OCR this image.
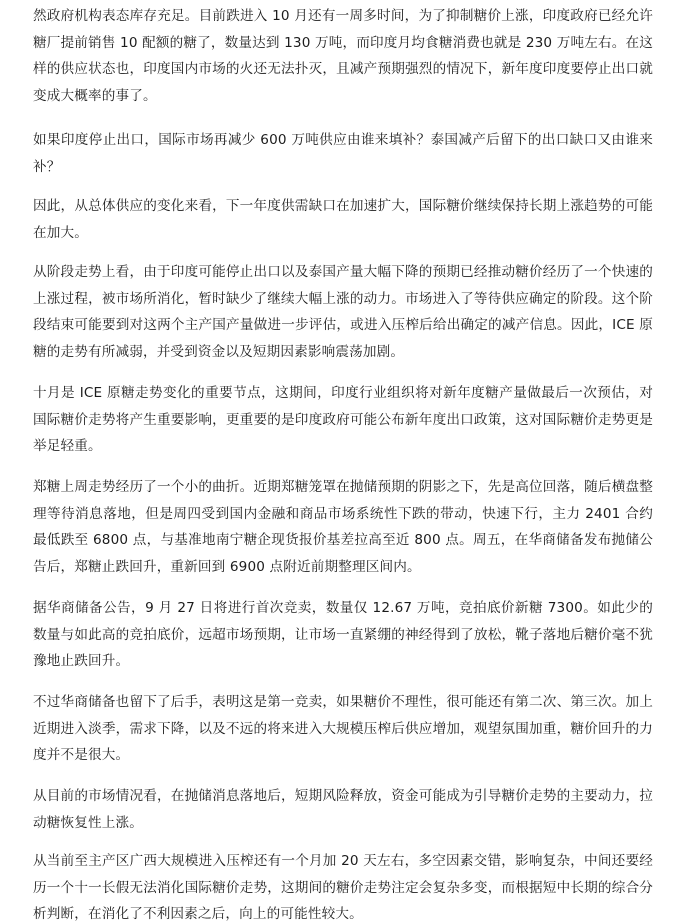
然政府机构表态库存充足。目前跌进入 10 月还有一周多时间，为了抑制糖价上涨，印度政府已经允许糖厂提前销售 10 配额的糖了，数量达到 130 万吨，而印度月均食糖消费也就是 230 万吨左右。在这样的供应状态也，印度国内市场的火还无法扑灭，且减产预期强烈的情况下，新年度印度要停止出口就变成大概率的事了。

如果印度停止出口，国际市场再减少 600 万吨供应由谁来填补？泰国减产后留下的出口缺口又由谁来补？

因此，从总体供应的变化来看，下一年度供需缺口在加速扩大，国际糖价继续保持长期上涨趋势的可能在加大。

从阶段走势上看，由于印度可能停止出口以及泰国产量大幅下降的预期已经推动糖价经历了一个快速的上涨过程，被市场所消化，暂时缺少了继续大幅上涨的动力。市场进入了等待供应确定的阶段。这个阶段结束可能要到对这两个主产国产量做进一步评估，或进入压榨后给出确定的减产信息。因此，ICE 原糖的走势有所减弱，并受到资金以及短期因素影响震荡加剧。

十月是 ICE 原糖走势变化的重要节点，这期间，印度行业组织将对新年度糖产量做最后一次预估，对国际糖价走势将产生重要影响，更重要的是印度政府可能公布新年度出口政策，这对国际糖价走势更是举足轻重。

郑糖上周走势经历了一个小的曲折。近期郑糖笼罩在抛储预期的阴影之下，先是高位回落，随后横盘整理等待消息落地，但是周四受到国内金融和商品市场系统性下跌的带动，快速下行，主力 2401 合约最低跌至 6800 点，与基准地南宁糖企现货报价基差拉高至近 800 点。周五，在华商储备发布抛储公告后，郑糖止跌回升，重新回到 6900 点附近前期整理区间内。

据华商储备公告，9 月 27 日将进行首次竞卖，数量仅 12.67 万吨，竞拍底价新糖 7300。如此少的数量与如此高的竞拍底价，远超市场预期，让市场一直紧绷的神经得到了放松，靴子落地后糖价毫不犹豫地止跌回升。

不过华商储备也留下了后手，表明这是第一竞卖，如果糖价不理性，很可能还有第二次、第三次。加上近期进入淡季，需求下降，以及不远的将来进入大规模压榨后供应增加，观望氛围加重，糖价回升的力度并不是很大。

从目前的市场情况看，在抛储消息落地后，短期风险释放，资金可能成为引导糖价走势的主要动力，拉动糖恢复性上涨。

从当前至主产区广西大规模进入压榨还有一个月加 20 天左右，多空因素交错，影响复杂，中间还要经历一个十一长假无法消化国际糖价走势，这期间的糖价走势注定会复杂多变，而根据短中长期的综合分析判断，在消化了不利因素之后，向上的可能性较大。
